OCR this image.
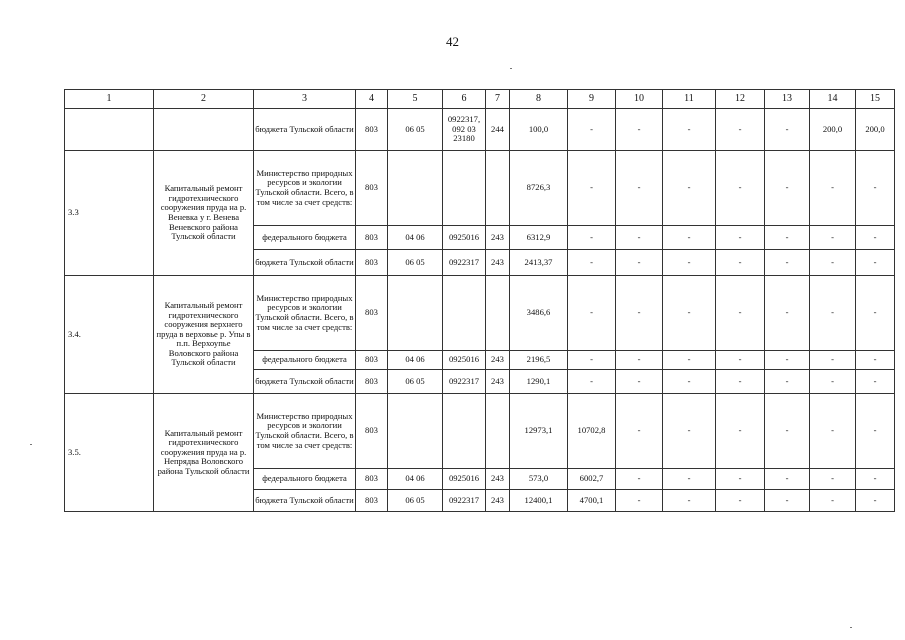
42
1	2	3	4	5	6	7	8	9	10	11	12	13	14	15
		бюджета Тульской области	803	06 05	0922317, 092 03 23180	244	100,0	-	-	-	-	-	200,0	200,0
3.3	Капитальный ремонт гидротехнического сооружения пруда на р. Веневка у г. Венева Веневского района Тульской области	Министерство природных ресурсов и экологии Тульской области. Всего, в том числе за счет средств:	803				8726,3	-	-	-	-	-	-	-
		федерального бюджета	803	04 06	0925016	243	6312,9	-	-	-	-	-	-	-
		бюджета Тульской области	803	06 05	0922317	243	2413,37	-	-	-	-	-	-	-
3.4.	Капитальный ремонт гидротехнического сооружения верхнего пруда в верховье р. Упы в п.п. Верхоупье Воловского района Тульской области	Министерство природных ресурсов и экологии Тульской области. Всего, в том числе за счет средств:	803				3486,6	-	-	-	-	-	-	-
		федерального бюджета	803	04 06	0925016	243	2196,5	-	-	-	-	-	-	-
		бюджета Тульской области	803	06 05	0922317	243	1290,1	-	-	-	-	-	-	-
3.5.	Капитальный ремонт гидротехнического сооружения пруда на р. Непрядва Воловского района Тульской области	Министерство природных ресурсов и экологии Тульской области. Всего, в том числе за счет средств:	803				12973,1	10702,8	-	-	-	-	-	-
		федерального бюджета	803	04 06	0925016	243	573,0	6002,7	-	-	-	-	-	-
		бюджета Тульской области	803	06 05	0922317	243	12400,1	4700,1	-	-	-	-	-	-
